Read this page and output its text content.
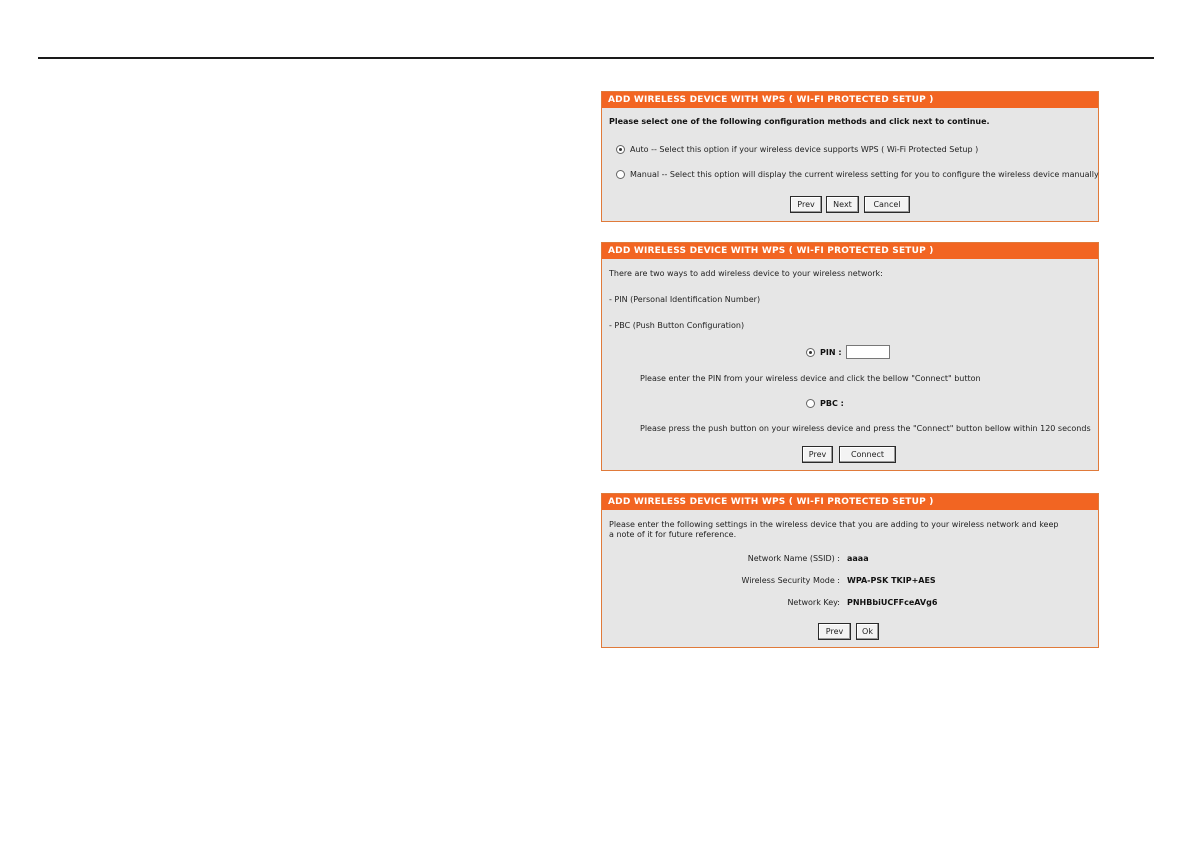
ADD WIRELESS DEVICE WITH WPS ( WI-FI PROTECTED SETUP )
Please select one of the following configuration methods and click next to continue.
Auto -- Select this option if your wireless device supports WPS ( Wi-Fi Protected Setup )
Manual -- Select this option will display the current wireless setting for you to configure the wireless device manually
Prev	Next	Cancel
ADD WIRELESS DEVICE WITH WPS ( WI-FI PROTECTED SETUP )
There are two ways to add wireless device to your wireless network:
- PIN (Personal Identification Number)
- PBC (Push Button Configuration)
PIN :
Please enter the PIN from your wireless device and click the bellow "Connect" button
PBC :
Please press the push button on your wireless device and press the "Connect" button bellow within 120 seconds
Prev	Connect
ADD WIRELESS DEVICE WITH WPS ( WI-FI PROTECTED SETUP )
Please enter the following settings in the wireless device that you are adding to your wireless network and keep a note of it for future reference.
Network Name (SSID) : aaaa
Wireless Security Mode : WPA-PSK TKIP+AES
Network Key: PNHBbiUCFFceAVg6
Prev	Ok
